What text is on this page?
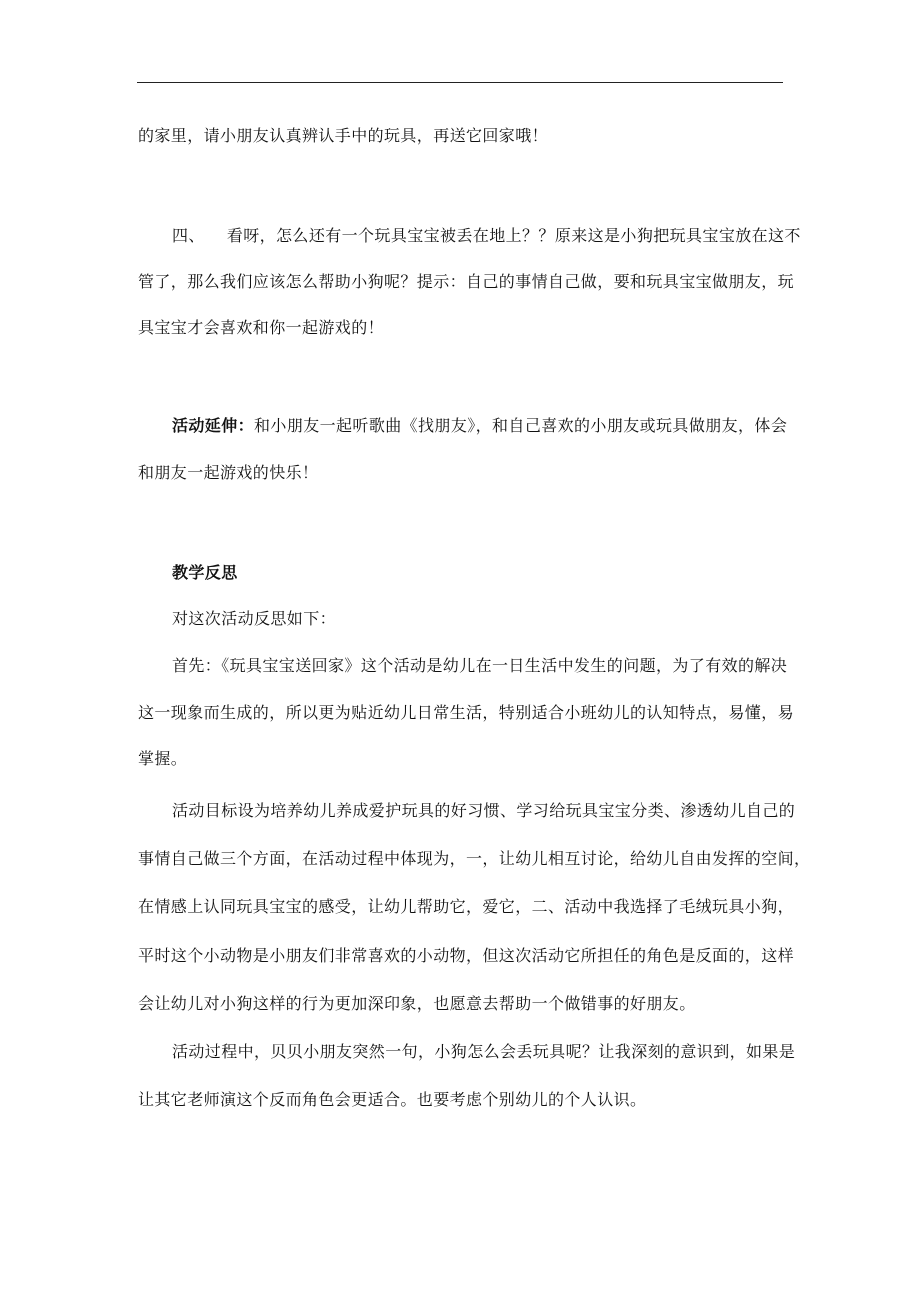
的家里，请小朋友认真辨认手中的玩具，再送它回家哦！
四、 看呀，怎么还有一个玩具宝宝被丢在地上？？原来这是小狗把玩具宝宝放在这不
管了，那么我们应该怎么帮助小狗呢？提示：自己的事情自己做，要和玩具宝宝做朋友，玩
具宝宝才会喜欢和你一起游戏的！
活动延伸：和小朋友一起听歌曲《找朋友》，和自己喜欢的小朋友或玩具做朋友，体会
和朋友一起游戏的快乐！
教学反思
对这次活动反思如下：
首先：《玩具宝宝送回家》这个活动是幼儿在一日生活中发生的问题，为了有效的解决
这一现象而生成的，所以更为贴近幼儿日常生活，特别适合小班幼儿的认知特点，易懂，易
掌握。
活动目标设为培养幼儿养成爱护玩具的好习惯、学习给玩具宝宝分类、渗透幼儿自己的
事情自己做三个方面，在活动过程中体现为，一，让幼儿相互讨论，给幼儿自由发挥的空间，
在情感上认同玩具宝宝的感受，让幼儿帮助它，爱它，二、活动中我选择了毛绒玩具小狗，
平时这个小动物是小朋友们非常喜欢的小动物，但这次活动它所担任的角色是反面的，这样
会让幼儿对小狗这样的行为更加深印象，也愿意去帮助一个做错事的好朋友。
活动过程中，贝贝小朋友突然一句，小狗怎么会丢玩具呢？让我深刻的意识到，如果是
让其它老师演这个反而角色会更适合。也要考虑个别幼儿的个人认识。
